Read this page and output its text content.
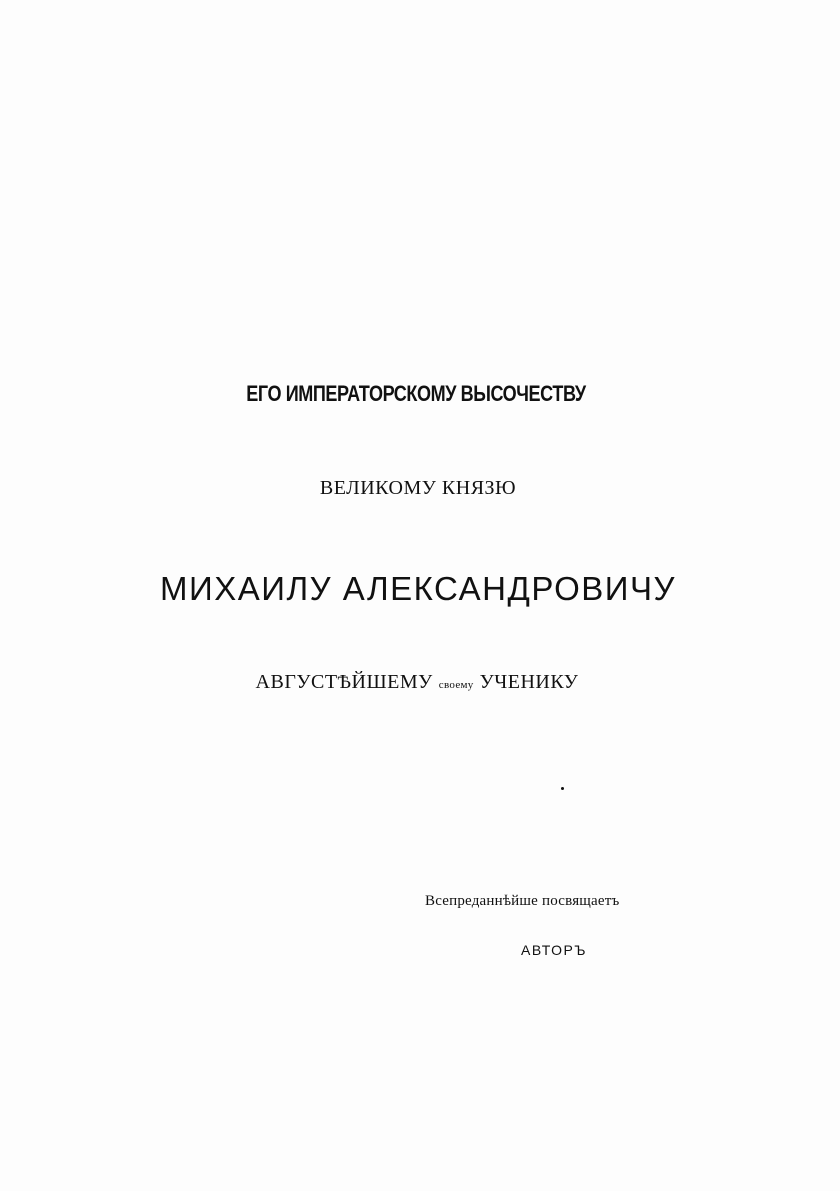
ЕГО ИМПЕРАТОРСКОМУ ВЫСОЧЕСТВУ
ВЕЛИКОМУ КНЯЗЮ
МИХАИЛУ АЛЕКСАНДРОВИЧУ
АВГУСТѢЙШЕМУ своему УЧЕНИКУ
Всепреданнѣйше посвящаетъ
АВТОРЪ
